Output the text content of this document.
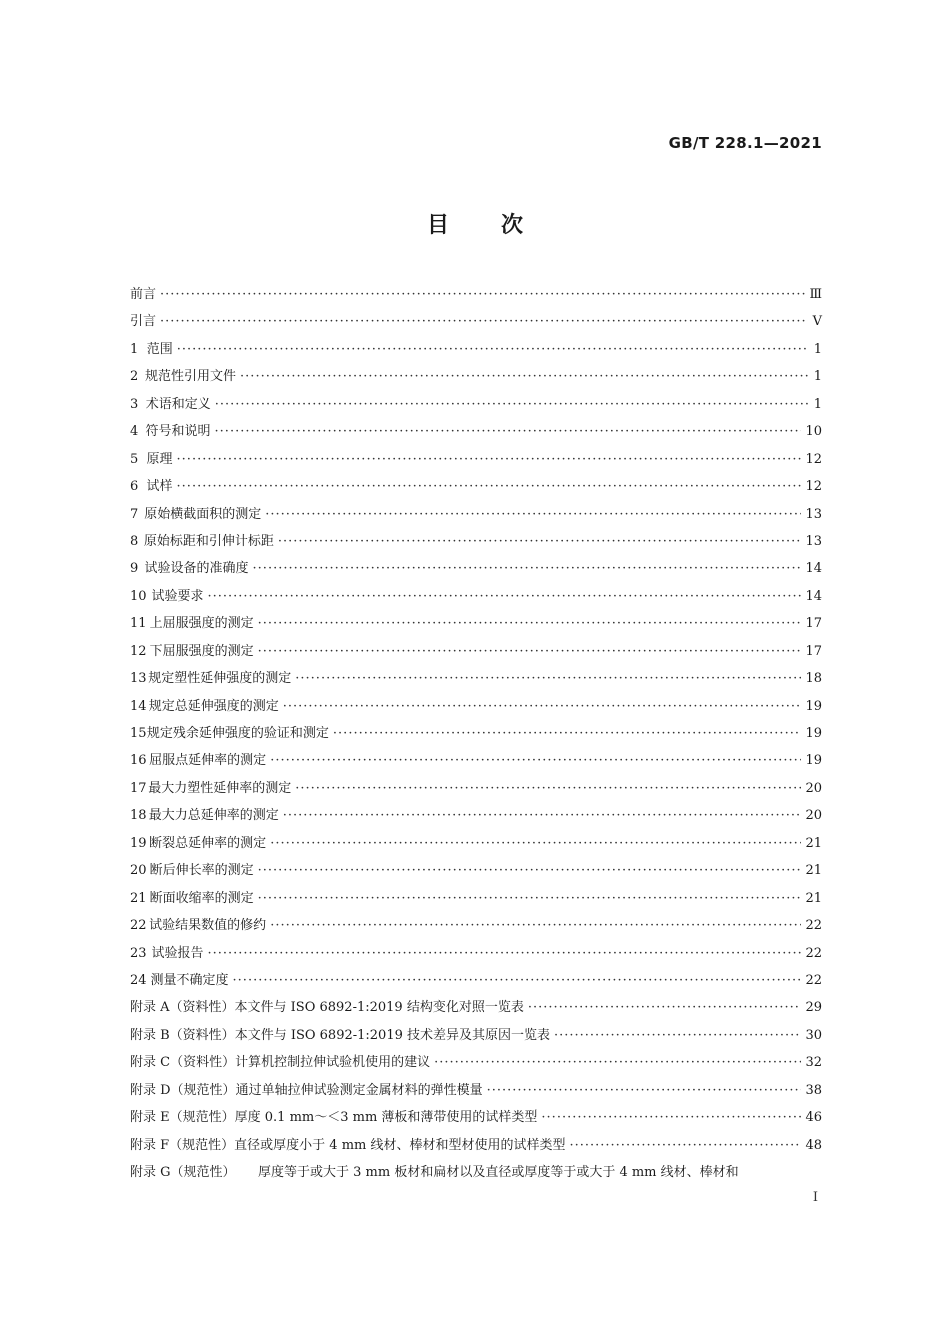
GB/T 228.1—2021
目 次
前言 ·····	Ⅲ
引言 ·····	Ⅴ
1 范围 ·····	1
2 规范性引用文件 ·····	1
3 术语和定义 ·····	1
4 符号和说明 ·····	10
5 原理 ·····	12
6 试样 ·····	12
7 原始横截面积的测定 ·····	13
8 原始标距和引伸计标距 ·····	13
9 试验设备的准确度 ·····	14
10 试验要求 ·····	14
11 上屈服强度的测定 ·····	17
12 下屈服强度的测定 ·····	17
13 规定塑性延伸强度的测定 ·····	18
14 规定总延伸强度的测定 ·····	19
15 规定残余延伸强度的验证和测定 ·····	19
16 屈服点延伸率的测定 ·····	19
17 最大力塑性延伸率的测定 ·····	20
18 最大力总延伸率的测定 ·····	20
19 断裂总延伸率的测定 ·····	21
20 断后伸长率的测定 ·····	21
21 断面收缩率的测定 ·····	21
22 试验结果数值的修约 ·····	22
23 试验报告 ·····	22
24 测量不确定度 ·····	22
附录 A（资料性） 本文件与 ISO 6892-1:2019 结构变化对照一览表 ·····	29
附录 B（资料性） 本文件与 ISO 6892-1:2019 技术差异及其原因一览表 ·····	30
附录 C（资料性） 计算机控制拉伸试验机使用的建议 ·····	32
附录 D（规范性） 通过单轴拉伸试验测定金属材料的弹性模量 ·····	38
附录 E（规范性） 厚度 0.1 mm～＜3 mm 薄板和薄带使用的试样类型 ·····	46
附录 F（规范性） 直径或厚度小于 4 mm 线材、棒材和型材使用的试样类型 ·····	48
附录 G（规范性）	厚度等于或大于 3 mm 板材和扁材以及直径或厚度等于或大于 4 mm 线材、棒材和
Ⅰ
